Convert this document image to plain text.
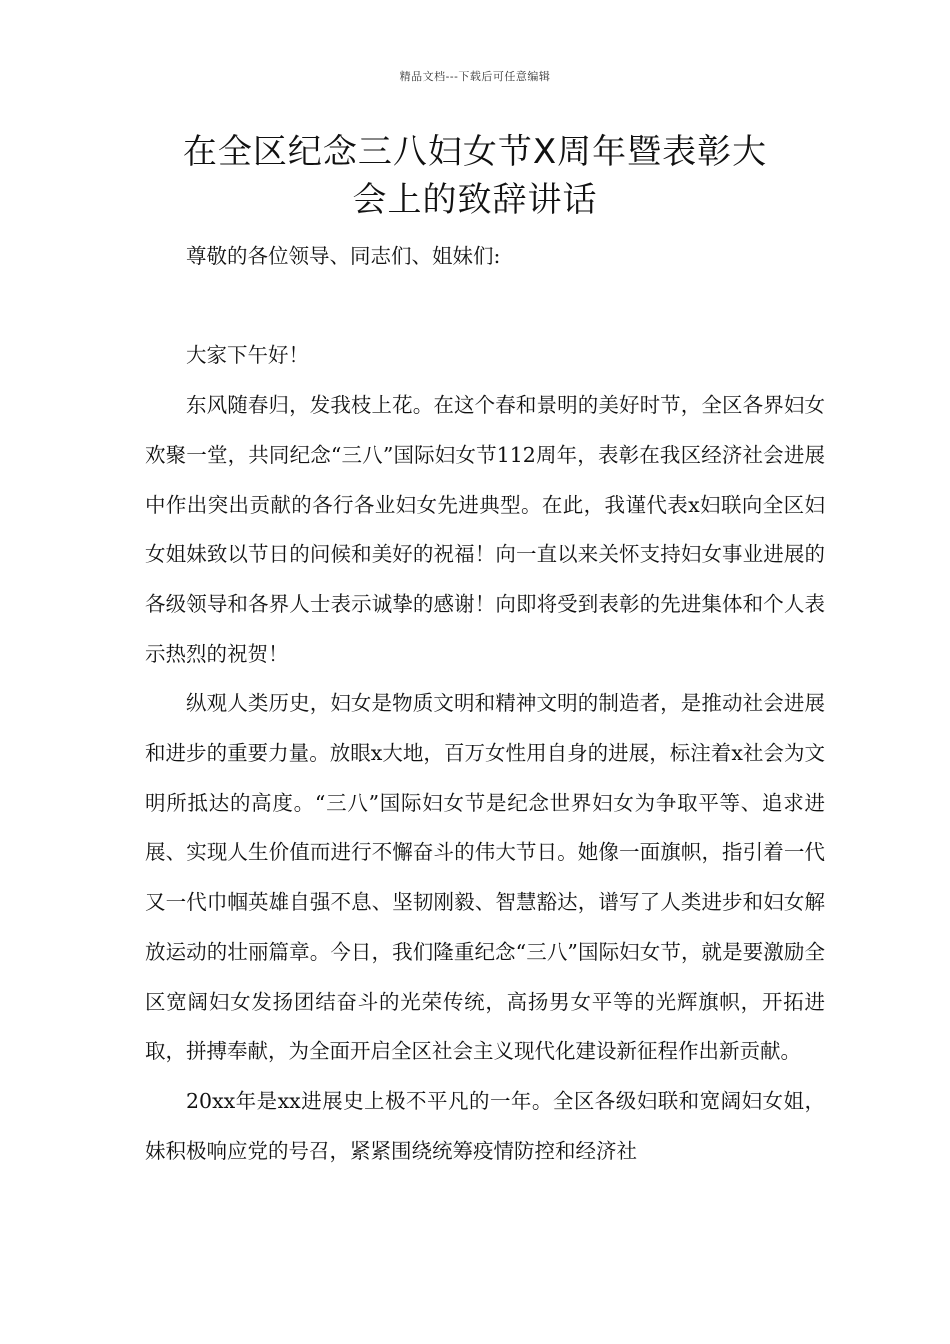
精品文档---下载后可任意编辑
在全区纪念三八妇女节X周年暨表彰大
会上的致辞讲话

尊敬的各位领导、同志们、姐妹们:

大家下午好！

东风随春归，发我枝上花。在这个春和景明的美好时节，全区各界妇女欢聚一堂，共同纪念“三八”国际妇女节112周年，表彰在我区经济社会进展中作出突出贡献的各行各业妇女先进典型。在此，我谨代表x妇联向全区妇女姐妹致以节日的问候和美好的祝福！向一直以来关怀支持妇女事业进展的各级领导和各界人士表示诚挚的感谢！向即将受到表彰的先进集体和个人表示热烈的祝贺！

纵观人类历史，妇女是物质文明和精神文明的制造者，是推动社会进展和进步的重要力量。放眼x大地，百万女性用自身的进展，标注着x社会为文明所抵达的高度。“三八”国际妇女节是纪念世界妇女为争取平等、追求进展、实现人生价值而进行不懈奋斗的伟大节日。她像一面旗帜，指引着一代又一代巾帼英雄自强不息、坚韧刚毅、智慧豁达，谱写了人类进步和妇女解放运动的壮丽篇章。今日，我们隆重纪念“三八”国际妇女节，就是要激励全区宽阔妇女发扬团结奋斗的光荣传统，高扬男女平等的光辉旗帜，开拓进取，拼搏奉献，为全面开启全区社会主义现代化建设新征程作出新贡献。

20xx年是xx进展史上极不平凡的一年。全区各级妇联和宽阔妇女姐，妹积极响应党的号召，紧紧围绕统筹疫情防控和经济社
